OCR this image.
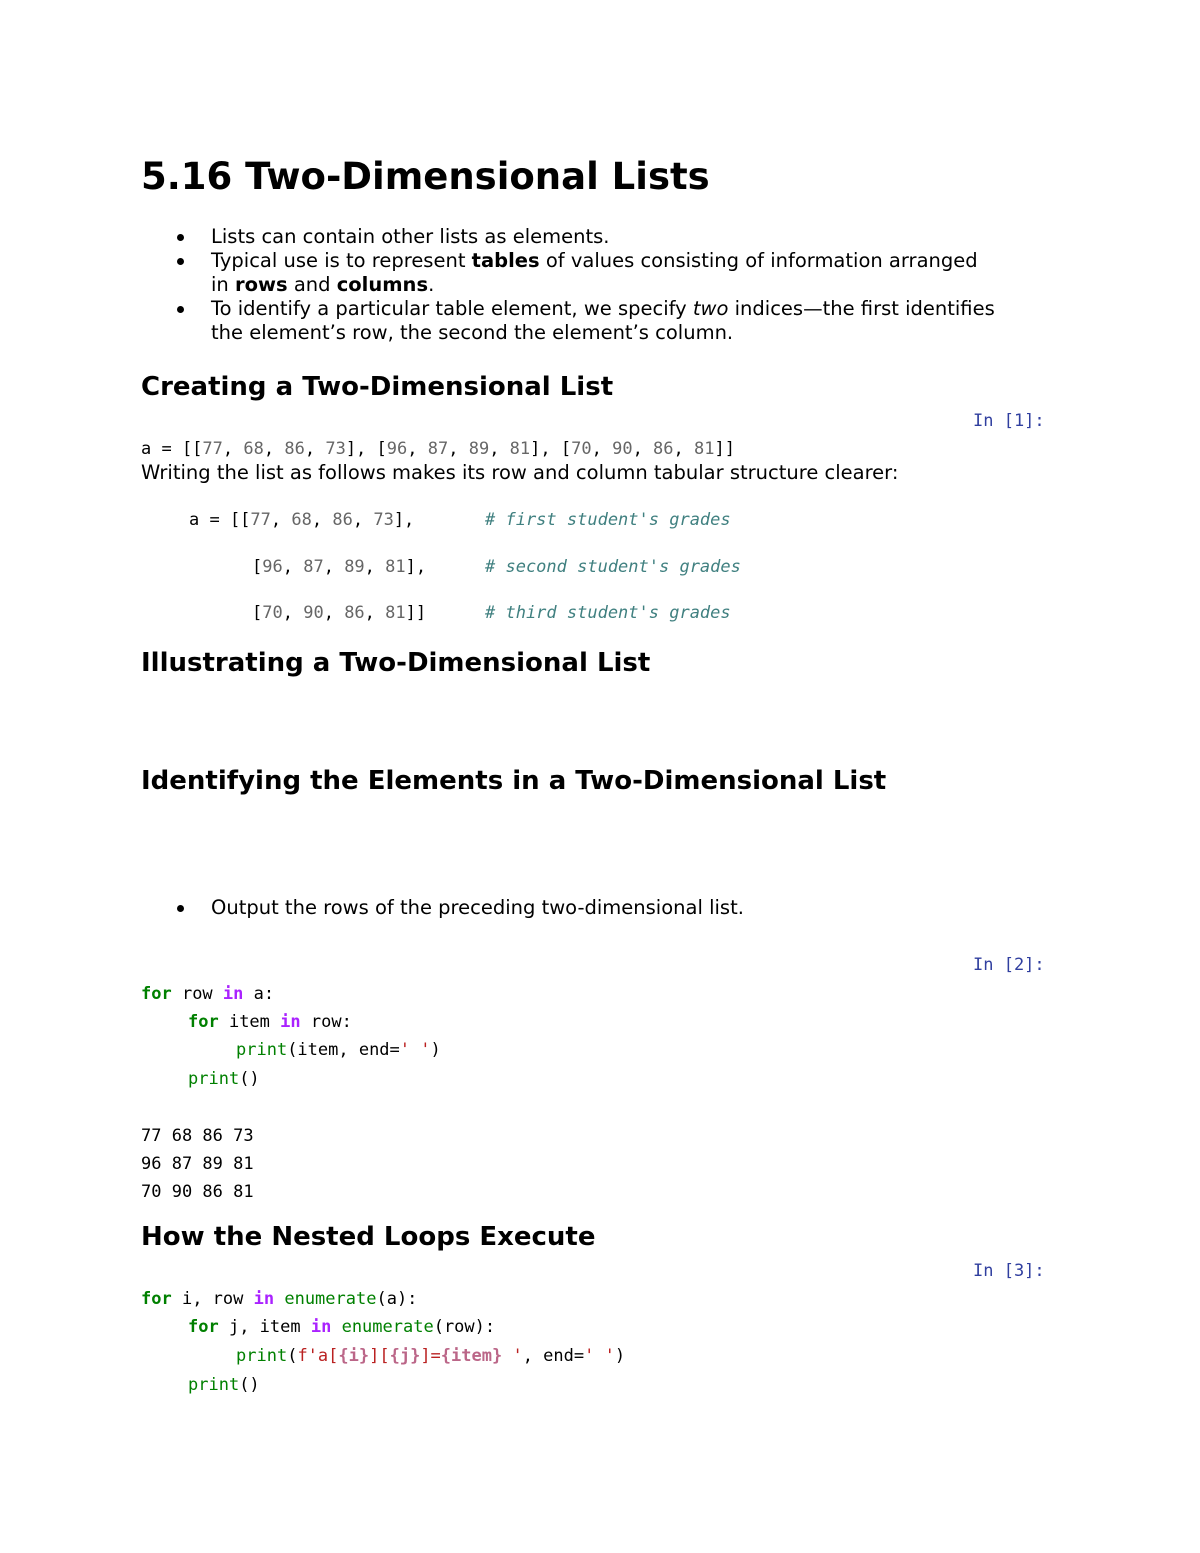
5.16 Two-Dimensional Lists
Lists can contain other lists as elements.
Typical use is to represent tables of values consisting of information arranged
in rows and columns.
To identify a particular table element, we specify two indices—the first identifies
the element’s row, the second the element’s column.
Creating a Two-Dimensional List
In [1]:
a = [[77, 68, 86, 73], [96, 87, 89, 81], [70, 90, 86, 81]]
Writing the list as follows makes its row and column tabular structure clearer:
a = [[77, 68, 86, 73],	# first student's grades
[96, 87, 89, 81],	# second student's grades
[70, 90, 86, 81]]	# third student's grades
Illustrating a Two-Dimensional List
Identifying the Elements in a Two-Dimensional List
Output the rows of the preceding two-dimensional list.
In [2]:
for row in a:
for item in row:
print(item, end=' ')
print()
77 68 86 73
96 87 89 81
70 90 86 81
How the Nested Loops Execute
In [3]:
for i, row in enumerate(a):
for j, item in enumerate(row):
print(f'a[{i}][{j}]={item} ', end=' ')
print()
